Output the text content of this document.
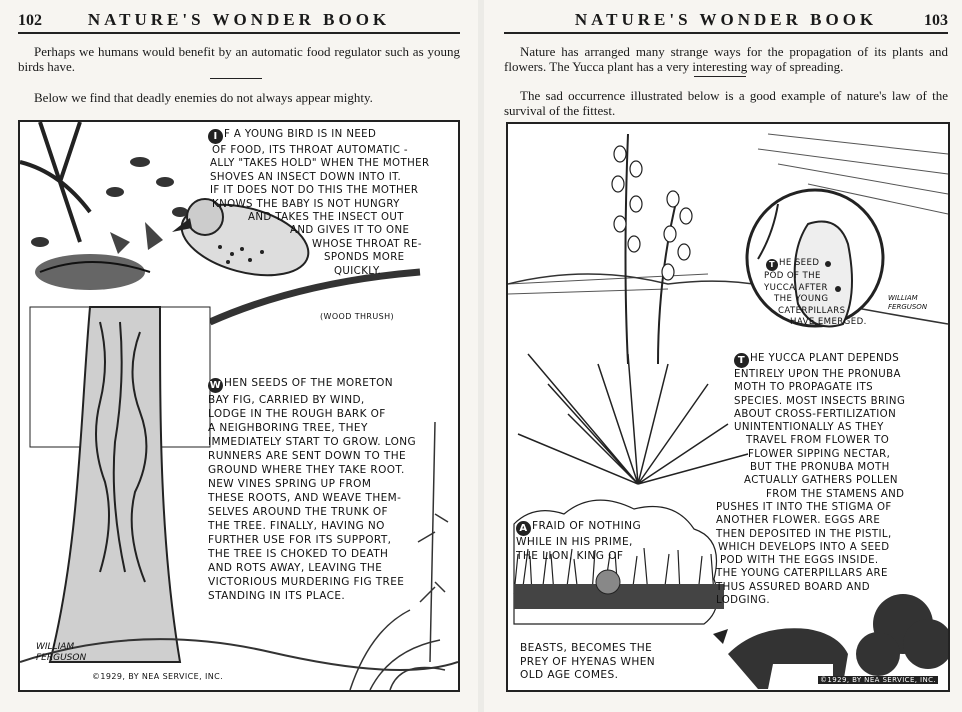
102	NATURE'S WONDER BOOK
Perhaps we humans would benefit by an automatic food regulator such as young birds have.
Below we find that deadly enemies do not always appear mighty.
I F A YOUNG BIRD IS IN NEED
OF FOOD, ITS THROAT AUTOMATIC -
ALLY "TAKES HOLD" WHEN THE MOTHER
SHOVES AN INSECT DOWN INTO IT.
IF IT DOES NOT DO THIS THE MOTHER
KNOWS THE BABY IS NOT HUNGRY
AND TAKES THE INSECT OUT
AND GIVES IT TO ONE
WHOSE THROAT RE-
SPONDS MORE
QUICKLY.
(WOOD THRUSH)
W HEN SEEDS OF THE MORETON
BAY FIG, CARRIED BY WIND,
LODGE IN THE ROUGH BARK OF
A NEIGHBORING TREE, THEY
IMMEDIATELY START TO GROW. LONG
RUNNERS ARE SENT DOWN TO THE
GROUND WHERE THEY TAKE ROOT.
NEW VINES SPRING UP FROM
THESE ROOTS, AND WEAVE THEM-
SELVES AROUND THE TRUNK OF
THE TREE. FINALLY, HAVING NO
FURTHER USE FOR ITS SUPPORT,
THE TREE IS CHOKED TO DEATH
AND ROTS AWAY, LEAVING THE
VICTORIOUS MURDERING FIG TREE
STANDING IN ITS PLACE.
WILLIAM
FERGUSON
©1929, BY NEA SERVICE, INC.
NATURE'S WONDER BOOK	103
Nature has arranged many strange ways for the propagation of its plants and flowers. The Yucca plant has a very interesting way of spreading.
The sad occurrence illustrated below is a good example of nature's law of the survival of the fittest.
T HE SEED
POD OF THE
YUCCA AFTER
THE YOUNG
CATERPILLARS
HAVE EMERGED.
WILLIAM
FERGUSON
T HE YUCCA PLANT DEPENDS
ENTIRELY UPON THE PRONUBA
MOTH TO PROPAGATE ITS
SPECIES. MOST INSECTS BRING
ABOUT CROSS-FERTILIZATION
UNINTENTIONALLY AS THEY
TRAVEL FROM FLOWER TO
FLOWER SIPPING NECTAR,
BUT THE PRONUBA MOTH
ACTUALLY GATHERS POLLEN
FROM THE STAMENS AND
PUSHES IT INTO THE STIGMA OF
ANOTHER FLOWER. EGGS ARE
THEN DEPOSITED IN THE PISTIL,
WHICH DEVELOPS INTO A SEED
POD WITH THE EGGS INSIDE.
THE YOUNG CATERPILLARS ARE
THUS ASSURED BOARD AND
LODGING.
A FRAID OF NOTHING
WHILE IN HIS PRIME,
THE LION, KING OF
BEASTS, BECOMES THE
PREY OF HYENAS WHEN
OLD AGE COMES.	©1929, BY NEA SERVICE, INC.
